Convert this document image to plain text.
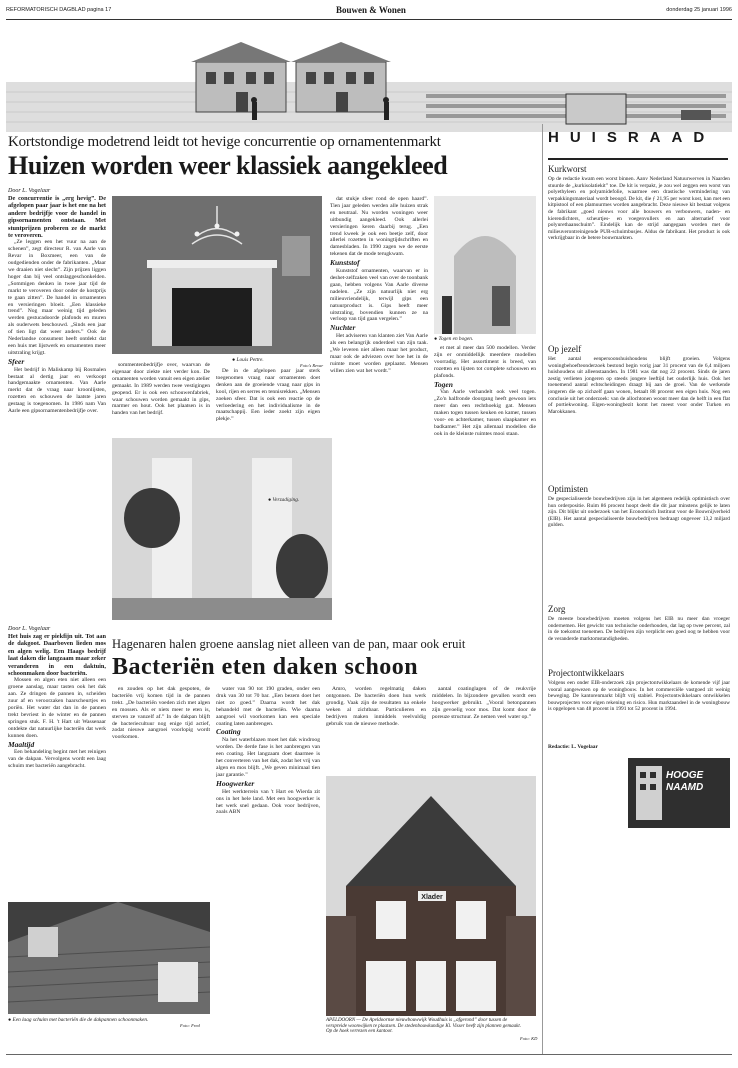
REFORMATORISCH DAGBLAD pagina 17	Bouwen & Wonen	donderdag 25 januari 1996
Kortstondige modetrend leidt tot hevige concurrentie op ornamentenmarkt
Huizen worden weer klassiek aangekleed
Door L. Vogelaar
De concurrentie is „erg hevig”. De afgelopen paar jaar is het ene na het andere bedrijfje voor de handel in gipsornamenten ontstaan. Met stuntprijzen proberen ze de markt te veroveren.

„Ze leggen een het vuur na aan de schenen”, zegt directeur R. van Aarle van Revar in Boxmeer, een van de oudgedienden onder de fabrikanten. „Maar we draaien niet slecht”. Zijn prijzen liggen hoger dan bij veel ontslaggeschonkelden. „Sommigen denken in twee jaar tijd de markt te veroveren door onder de kostprijs te gaan zitten”. De handel in ornamenten en versieringen bloeit. „Een klassieke trend”. Nog maar weinig tijd geleden werden gestucadoorde plafonds en muren als ouderwets beschouwd. „Sinds een jaar of tien ligt dat weer anders.” Ook de Nederlandse consument heeft ontdekt dat een huis met lijstwerk en ornamenten meer uitstraling krijgt.

Sfeer

Het bedrijf in Maliskamp bij Rosmalen bestaat al dertig jaar en verkoopt handgemaakte ornamenten. Van Aarle merkt dat de vraag naar kroonlijsten, rozetten en schouwen de laatste jaren gestaag is toegenomen. In 1986 nam Van Aarle een gipsornamentenbedrijfje over.

● Louis Pettre.
Foto's Revar

sommentenbedrijfje over, waarvan de eigenaar door ziekte niet verder kon. De ornamenten worden vanuit een eigen atelier gemaakt. In 1989 werden twee vestigingen geopend. Er is ook een schouwenfabriek, waar schouwen worden gemaakt in gips, marmer en hout. Ook het plaatsen is in handen van het bedrijf.

De in de afgelopen paar jaar sterk toegenomen vraag naar ornamenten doet denken aan de groeiende vraag naar gips in kool, rijen en serres en tennisrekken. „Mensen zoeken sfeer. Dat is ook een reactie op de verloedering en het individualisme in de maatschappij. Een ieder zoekt zijn eigen plekje.”

● Verzadiging.

dat stukje sfeer rond de open haard”. Tien jaar geleden werden alle huizen strak en neutraal. Nu worden woningen weer uitbundig aangekleed. Ook allerlei versieringen keren daarbij terug. „Een trend kweek je ook een beetje zelf, door allerlei rozetten in woningtijdschriften en damesbladen. In 1990 zagen we de eerste tekenen dat de mode terugkwam.

Kunststof

Kunststof ornamenten, waarvan er in deshet-zelfzaken veel van over de toonbank gaan, hebben volgens Van Aarle diverse nadelen. „Ze zijn natuurlijk niet erg milieuvriendelijk, terwijl gips een natuurproduct is. Gips heeft meer uitstraling, bovendien kunnen ze na verloop van tijd gaan vergelen.”

Nuchter

Het adviseren van klanten ziet Van Aarle als een belangrijk onderdeel van zijn taak. „We leveren niet alleen maar het product, maar ook de adviezen over hoe het in de ruimte moet worden geplaatst. Mensen willen zien wat het wordt.”

● Togen en bogen.

et met al meer dan 500 modellen. Verder zijn er onmiddellijk meerdere modellen voorradig. Het assortiment is breed, van rozetten en lijsten tot complete schouwen en plafonds.

Togen

Van Aarle verhandelt ook veel togen. „Zo'n halfronde doorgang heeft gewoon iets meer dan een rechthoekig gat. Mensen maken togen tussen keuken en kamer, tussen voor- en achterkamer, tussen slaapkamer en badkamer.” Het zijn allemaal modellen die ook in de kleinste ruimtes mooi staan.

Door L. Vogelaar
Het huis zag er piekfijn uit. Tot aan de dakgoot. Daarboven lieden mos en algen welig. Een Haags bedrijf laat daken die langzaam maar zeker veranderen in een daktuin, schoonmaken door bacteriën.

Mossen en algen eten niet alleen een groene aanslag, maar tasten ook het dak aan. Ze dringen de pannen in, scheiden zuur af en veroorzaken haarscheurtjes en poriën. Het water dat dan in de pannen trekt bevriest in de winter en de pannen springen stuk. F. H. 't Hart uit Wassenaar ontdekte dat natuurlijke bacteriën dat werk kunnen doen.

Maaltijd

Een behandeling begint met het reinigen van de dakpan. Vervolgens wordt een laag schuim met bacteriën aangebracht.

Hagenaren halen groene aanslag niet alleen van de pan, maar ook eruit
Bacteriën eten daken schoon

en zouden op het dak gespoten, de bacteriën vrij komen tijd in de pannen trekt. „De bacteriën voeden zich met algen en mossen. Als er niets meer te eten is, sterven ze vanzelf af.” In de dakpan blijft de bacteriecultuur nog enige tijd actief, zodat nieuwe aangroei voorlopig wordt voorkomen.

water van 90 tot 190 graden, onder een druk van 30 tot 70 bar. „Een bezem doet het niet zo goed.” Daarna wordt het dak behandeld met de bacteriën. Wie daarna aangroei wil voorkomen kan een speciale coating laten aanbrengen.

Coating

Na het waterblazen moet het dak windroog worden. De derde fase is het aanbrengen van een coating. Het langzaam doet daarmee is het converteren van het dak, zodat het vrij van algen en mos blijft. „We geven minimaal tien jaar garantie.”

Hoogwerker

Het werkterrein van 't Hart en Wierda zit ons in het hele land. Met een hoogwerker is het werk snel gedaan. Ook voor bedrijven, zoals ABN

Amro, worden regelmatig daken ontgonnen. De bacteriën doen hun werk grondig. Vaak zijn de resultaten na enkele weken al zichtbaar. Particulieren en bedrijven maken inmiddels veelvuldig gebruik van de nieuwe methode.

aantal coatinglagen of de reukvrije middelen. In bijzondere gevallen wordt een hoogwerker gebruikt. „Vooral betonpannen zijn gevoelig voor mos. Dat komt door de poreuze structuur. Ze nemen veel water op.”

● Een laag schuim met bacteriën die de dakpannen schoonmaken.
Foto: Fred
Xlader
APELDOORN — De Apeldoornse nieuwbouwwijk Woudhuis is „afgerond” door tussen de verspreide woonwijken te plaatsen. De stedenbouwkundige Kl. Visser heeft zijn plannen gemaakt. Op de hoek verrezen een kantoor.
Foto: KD
HUISRAAD
Kurkworst
Op de redactie kwam een worst binnen. Aanv Nederland Natuurwerven in Naarden stuurde de „kurkisolatiekit” toe. De kit is verpakt, je zou wel zeggen een worst van polyethyleen en polyamidefolie, waarmee een drastische vermindering van verpakkingsmateriaal wordt beoogd. De kit, die ƒ 21,95 per worst kost, kan met een kitpistool of een plamuurmes worden aangebracht. Deze nieuwe kit bestaat volgens de fabrikant „goed nieuws voor alle bouwers en verbouwers, naden- en kierendichters, scheurtjes- en voegenvullers en aan alternatief voor polyurethaanschuim”. Eindelijk kan de strijd aangegaan worden met de milieuverontreinigende PUR-schuimbusjes. Aldus de fabrikant. Het product is ook verkrijgbaar in de betere bouwmarkten.
Op jezelf
Het aantal eenpersoonshuishoudens blijft groeien. Volgens woningbehoefteonderzoek bestond begin vorig jaar 31 procent van de 6,4 miljoen huishoudens uit alleenstaanden. In 1981 was dat nog 22 procent. Sinds de jaren zestig verlieten jongeren op steeds jongere leeftijd het ouderlijk huis. Ook het toenemend aantal echtscheidingen draagt bij aan de groei. Van de werkende jongeren die op zichzelf gaan wonen, betaalt 88 procent een eigen huis. Nog een conclusie uit het onderzoek: van de allochtonen woont meer dan de helft in een flat of portiekwoning. Eigen-woningbezit komt het meest voor onder Turken en Marokkanen.
Optimisten
De gespecialiseerde bouwbedrijven zijn in het algemeen redelijk optimistisch over hun orderpositie. Ruim 86 procent hoopt deelt die dit jaar minstens gelijk te laten zijn. Dit blijkt uit onderzoek van het Economisch Instituut voor de Bouwnijverheid (EIB). Het aantal gespecialiseerde bouwbedrijven bedraagt ongeveer 13,2 miljard gulden.
Zorg
De meeste bouwbedrijven moeten volgens het EIB nu meer dan vroeger ondernemen. Het gewicht van technische onderhouden, dat lag op twee percent, zal in de toekomst toenemen. De bedrijven zijn verplicht een goed oog te hebben voor de veranderde marktomstandigheden.
Projectontwikkelaars
Volgens een onder EIB-onderzoek zijn projectontwikkelaars de komende vijf jaar vooral aangewezen op de woningbouw. In het commerciële vastgoed zit weinig beweging. De kantorenmarkt blijft vrij stabiel. Projectontwikkelaars ontwikkelen bouwprojecten voor eigen rekening en risico. Hun marktaandeel in de woningbouw is opgelopen van 48 procent in 1991 tot 52 procent in 1994.
Redactie: L. Vogelaar
HOOGE NAAMD
